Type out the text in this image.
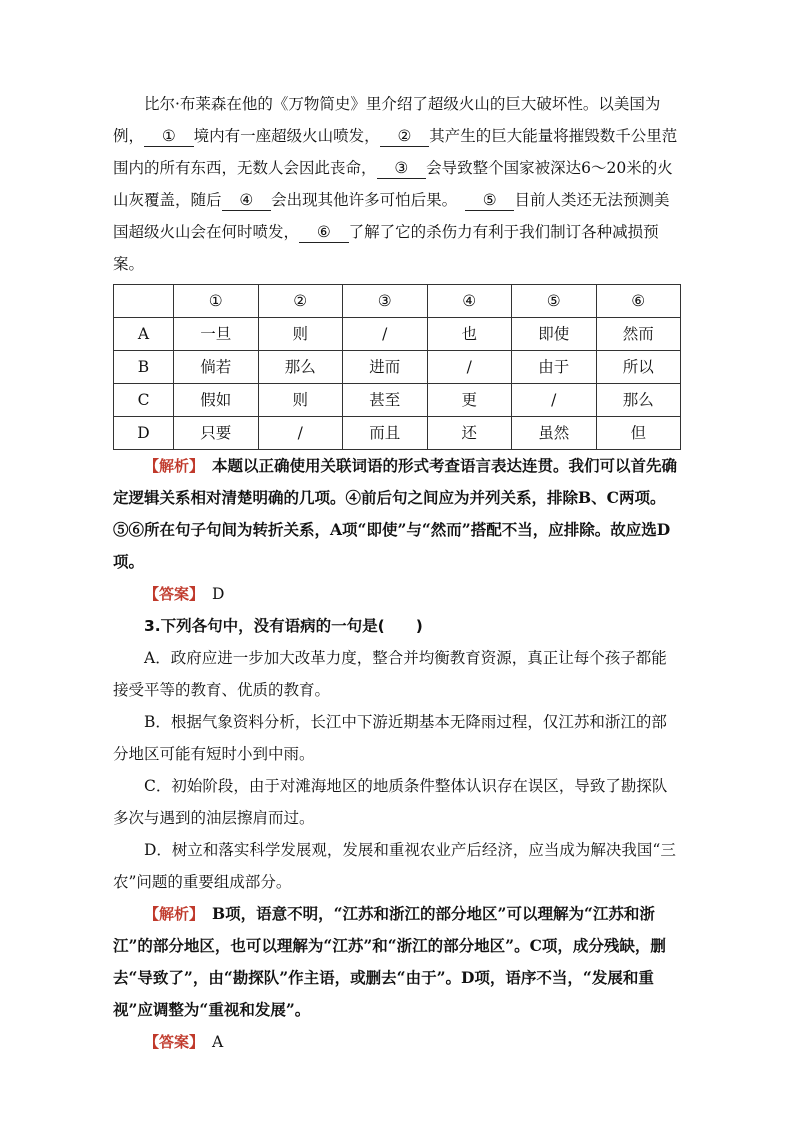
比尔·布莱森在他的《万物简史》里介绍了超级火山的巨大破坏性。以美国为例， ① 境内有一座超级火山喷发， ② 其产生的巨大能量将摧毁数千公里范围内的所有东西，无数人会因此丧命， ③ 会导致整个国家被深达6～20米的火山灰覆盖，随后 ④ 会出现其他许多可怕后果。　 ⑤ 目前人类还无法预测美国超级火山会在何时喷发， ⑥ 了解了它的杀伤力有利于我们制订各种减损预案。

	①	②	③	④	⑤	⑥
A	一旦	则	/	也	即使	然而
B	倘若	那么	进而	/	由于	所以
C	假如	则	甚至	更	/	那么
D	只要	/	而且	还	虽然	但

【解析】　 本题以正确使用关联词语的形式考查语言表达连贯。我们可以首先确定逻辑关系相对清楚明确的几项。④前后句之间应为并列关系，排除B、C两项。⑤⑥所在句子句间为转折关系，A项“即使”与“然而”搭配不当，应排除。故应选D项。

【答案】　 D

3.下列各句中，没有语病的一句是(　　)

A．政府应进一步加大改革力度，整合并均衡教育资源，真正让每个孩子都能接受平等的教育、优质的教育。

B．根据气象资料分析，长江中下游近期基本无降雨过程，仅江苏和浙江的部分地区可能有短时小到中雨。

C．初始阶段，由于对滩海地区的地质条件整体认识存在误区，导致了勘探队多次与遇到的油层擦肩而过。

D．树立和落实科学发展观，发展和重视农业产后经济，应当成为解决我国“三农”问题的重要组成部分。

【解析】　 B项，语意不明，“江苏和浙江的部分地区”可以理解为“江苏和浙江”的部分地区，也可以理解为“江苏”和“浙江的部分地区”。C项，成分残缺，删去“导致了”，由“勘探队”作主语，或删去“由于”。D项，语序不当，“发展和重视”应调整为“重视和发展”。

【答案】　 A
